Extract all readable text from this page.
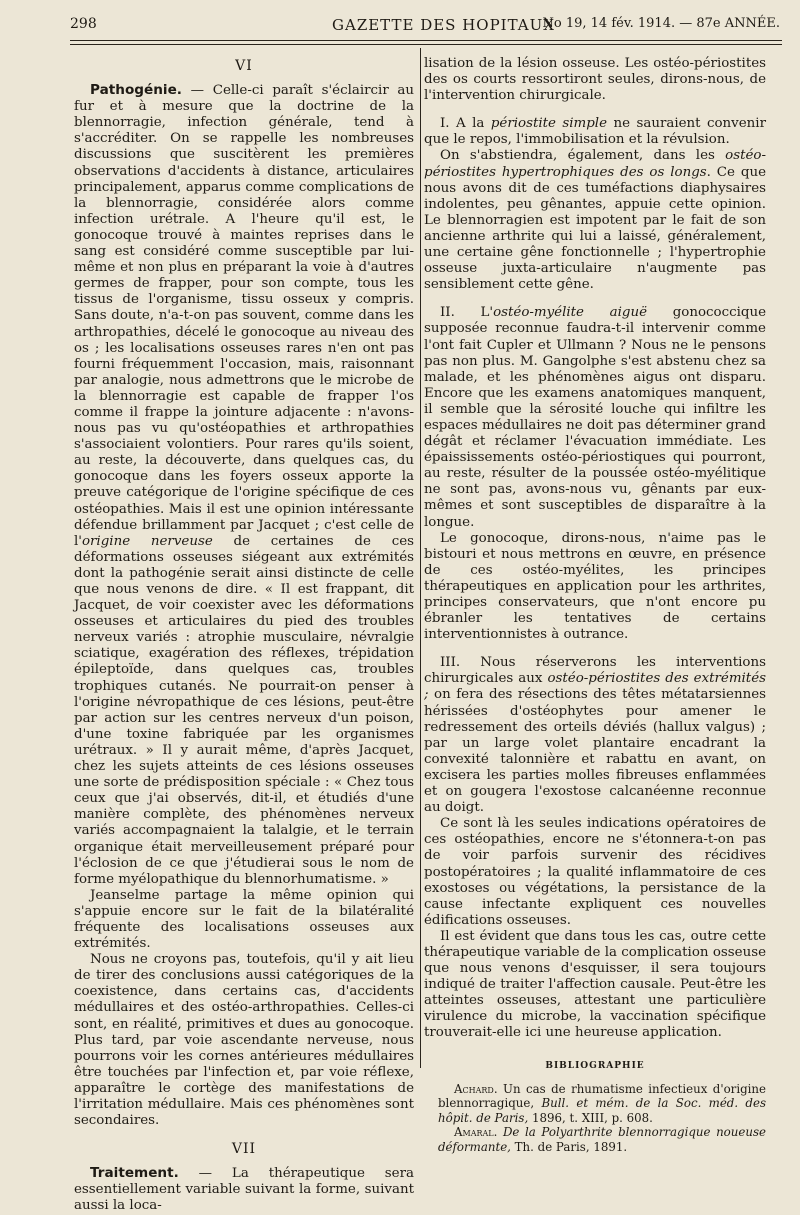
298	GAZETTE DES HOPITAUX
No 19, 14 fév. 1914. — 87e ANNÉE.
VI

Pathogénie. — Celle-ci paraît s'éclaircir au fur et à mesure que la doctrine de la blennorragie, infection générale, tend à s'accréditer. On se rappelle les nombreuses discussions que suscitèrent les premières observations d'accidents à distance, articulaires principalement, apparus comme complications de la blennorragie, considérée alors comme infection urétrale. A l'heure qu'il est, le gonocoque trouvé à maintes reprises dans le sang est considéré comme susceptible par lui-même et non plus en préparant la voie à d'autres germes de frapper, pour son compte, tous les tissus de l'organisme, tissu osseux y compris. Sans doute, n'a-t-on pas souvent, comme dans les arthropathies, décelé le gonocoque au niveau des os ; les localisations osseuses rares n'en ont pas fourni fréquemment l'occasion, mais, raisonnant par analogie, nous admettrons que le microbe de la blennorragie est capable de frapper l'os comme il frappe la jointure adjacente : n'avons-nous pas vu qu'ostéopathies et arthropathies s'associaient volontiers. Pour rares qu'ils soient, au reste, la découverte, dans quelques cas, du gonocoque dans les foyers osseux apporte la preuve catégorique de l'origine spécifique de ces ostéopathies. Mais il est une opinion intéressante défendue brillamment par Jacquet ; c'est celle de l'origine nerveuse de certaines de ces déformations osseuses siégeant aux extrémités dont la pathogénie serait ainsi distincte de celle que nous venons de dire. « Il est frappant, dit Jacquet, de voir coexister avec les déformations osseuses et articulaires du pied des troubles nerveux variés : atrophie musculaire, névralgie sciatique, exagération des réflexes, trépidation épileptoïde, dans quelques cas, troubles trophiques cutanés. Ne pourrait-on penser à l'origine névropathique de ces lésions, peut-être par action sur les centres nerveux d'un poison, d'une toxine fabriquée par les organismes urétraux. » Il y aurait même, d'après Jacquet, chez les sujets atteints de ces lésions osseuses une sorte de prédisposition spéciale : « Chez tous ceux que j'ai observés, dit-il, et étudiés d'une manière complète, des phénomènes nerveux variés accompagnaient la talalgie, et le terrain organique était merveilleusement préparé pour l'éclosion de ce que j'étudierai sous le nom de forme myélopathique du blennorhumatisme. »

Jeanselme partage la même opinion qui s'appuie encore sur le fait de la bilatéralité fréquente des localisations osseuses aux extrémités.

Nous ne croyons pas, toutefois, qu'il y ait lieu de tirer des conclusions aussi catégoriques de la coexistence, dans certains cas, d'accidents médullaires et des ostéo-arthropathies. Celles-ci sont, en réalité, primitives et dues au gonocoque. Plus tard, par voie ascendante nerveuse, nous pourrons voir les cornes antérieures médullaires être touchées par l'infection et, par voie réflexe, apparaître le cortège des manifestations de l'irritation médullaire. Mais ces phénomènes sont secondaires.

VII

Traitement. — La thérapeutique sera essentiellement variable suivant la forme, suivant aussi la loca-

lisation de la lésion osseuse. Les ostéo-périostites des os courts ressortiront seules, dirons-nous, de l'intervention chirurgicale.

I. A la périostite simple ne sauraient convenir que le repos, l'immobilisation et la révulsion.

On s'abstiendra, également, dans les ostéo-périostites hypertrophiques des os longs. Ce que nous avons dit de ces tuméfactions diaphysaires indolentes, peu gênantes, appuie cette opinion. Le blennorragien est impotent par le fait de son ancienne arthrite qui lui a laissé, généralement, une certaine gêne fonctionnelle ; l'hypertrophie osseuse juxta-articulaire n'augmente pas sensiblement cette gêne.

II. L'ostéo-myélite aiguë gonococcique supposée reconnue faudra-t-il intervenir comme l'ont fait Cupler et Ullmann ? Nous ne le pensons pas non plus. M. Gangolphe s'est abstenu chez sa malade, et les phénomènes aigus ont disparu. Encore que les examens anatomiques manquent, il semble que la sérosité louche qui infiltre les espaces médullaires ne doit pas déterminer grand dégât et réclamer l'évacuation immédiate. Les épaississements ostéo-périostiques qui pourront, au reste, résulter de la poussée ostéo-myélitique ne sont pas, avons-nous vu, gênants par eux-mêmes et sont susceptibles de disparaître à la longue.

Le gonocoque, dirons-nous, n'aime pas le bistouri et nous mettrons en œuvre, en présence de ces ostéo-myélites, les principes thérapeutiques en application pour les arthrites, principes conservateurs, que n'ont encore pu ébranler les tentatives de certains interventionnistes à outrance.

III. Nous réserverons les interventions chirurgicales aux ostéo-périostites des extrémités ; on fera des résections des têtes métatarsiennes hérissées d'ostéophytes pour amener le redressement des orteils déviés (hallux valgus) ; par un large volet plantaire encadrant la convexité talonnière et rabattu en avant, on excisera les parties molles fibreuses enflammées et on gougera l'exostose calcanéenne reconnue au doigt.

Ce sont là les seules indications opératoires de ces ostéopathies, encore ne s'étonnera-t-on pas de voir parfois survenir des récidives postopératoires ; la qualité inflammatoire de ces exostoses ou végétations, la persistance de la cause infectante expliquent ces nouvelles édifications osseuses.

Il est évident que dans tous les cas, outre cette thérapeutique variable de la complication osseuse que nous venons d'esquisser, il sera toujours indiqué de traiter l'affection causale. Peut-être les atteintes osseuses, attestant une particulière virulence du microbe, la vaccination spécifique trouverait-elle ici une heureuse application.

BIBLIOGRAPHIE

Achard. Un cas de rhumatisme infectieux d'origine blennorragique, Bull. et mém. de la Soc. méd. des hôpit. de Paris, 1896, t. XIII, p. 608.

Amaral. De la Polyarthrite blennorragique noueuse déformante, Th. de Paris, 1891.
